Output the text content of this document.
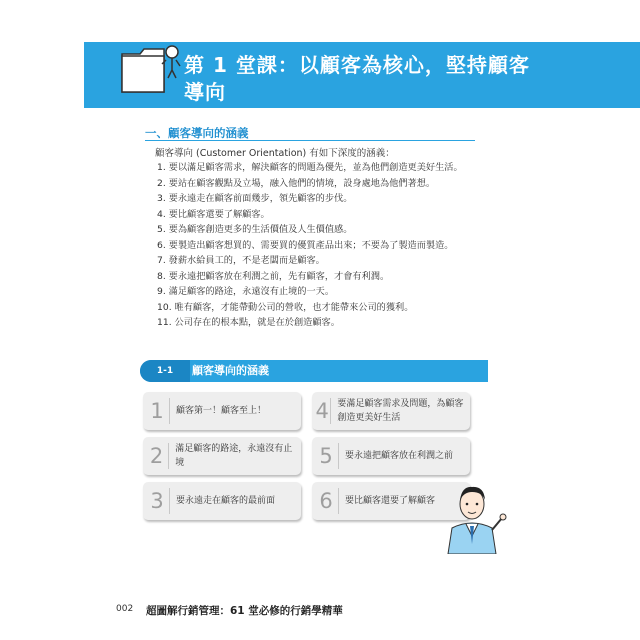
第 1 堂課：以顧客為核心，堅持顧客
導向
一、顧客導向的涵義
顧客導向 (Customer Orientation) 有如下深度的涵義：
1. 要以滿足顧客需求，解決顧客的問題為優先，並為他們創造更美好生活。
2. 要站在顧客觀點及立場，融入他們的情境，設身處地為他們著想。
3. 要永遠走在顧客前面幾步，領先顧客的步伐。
4. 要比顧客還要了解顧客。
5. 要為顧客創造更多的生活價值及人生價值感。
6. 要製造出顧客想買的、需要買的優質產品出來；不要為了製造而製造。
7. 發薪水給員工的，不是老闆而是顧客。
8. 要永遠把顧客放在利潤之前，先有顧客，才會有利潤。
9. 滿足顧客的路途，永遠沒有止境的一天。
10. 唯有顧客，才能帶動公司的營收，也才能帶來公司的獲利。
11. 公司存在的根本點，就是在於創造顧客。
1-1	顧客導向的涵義
1	顧客第一！顧客至上！
2	滿足顧客的路途，永遠沒有止境
3	要永遠走在顧客的最前面
4 要滿足顧客需求及問題，為顧客創造更美好生活
5	要永遠把顧客放在利潤之前
6	要比顧客還要了解顧客
002 超圖解行銷管理：61 堂必修的行銷學精華
